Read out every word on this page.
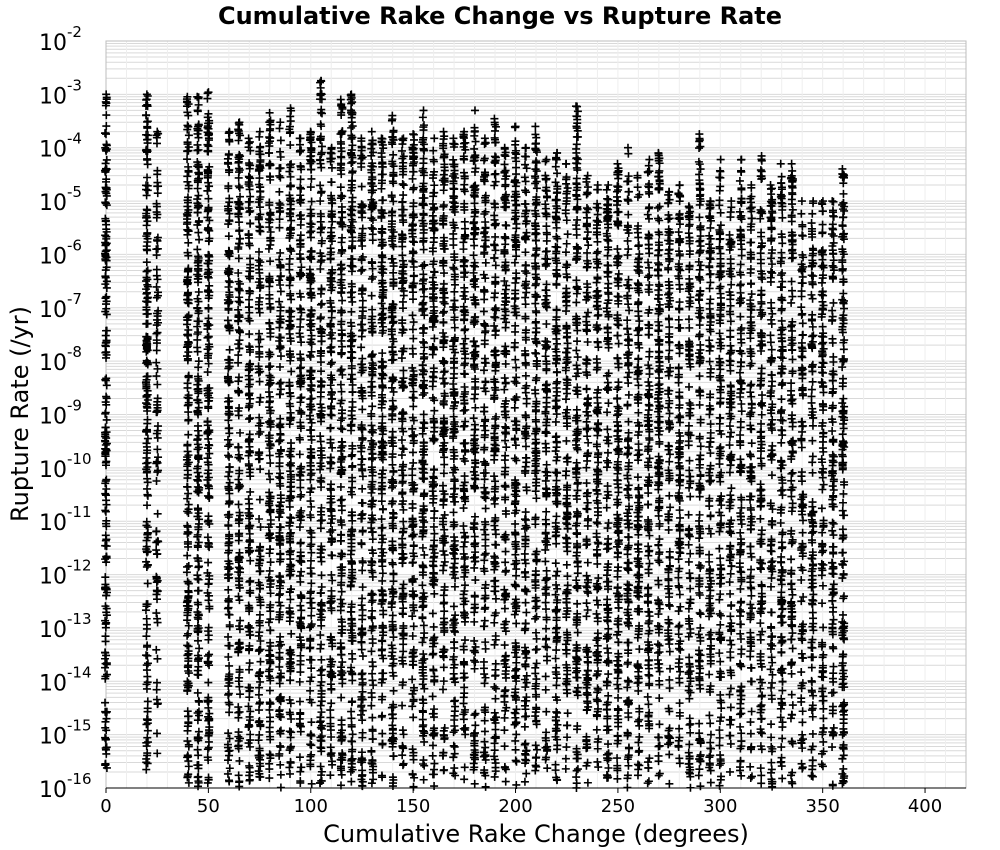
Cumulative Rake Change vs Rupture Rate
0	50	100	150	200	250	300	350	400
$10^{-16}$
$10^{-15}$
$10^{-14}$
$10^{-13}$
$10^{-12}$
$10^{-11}$
$10^{-10}$
$10^{-9}$
$10^{-8}$
$10^{-7}$
$10^{-6}$
$10^{-5}$
$10^{-4}$
$10^{-3}$
$10^{-2}$
Cumulative Rake Change (degrees)
Rupture Rate (/yr)
